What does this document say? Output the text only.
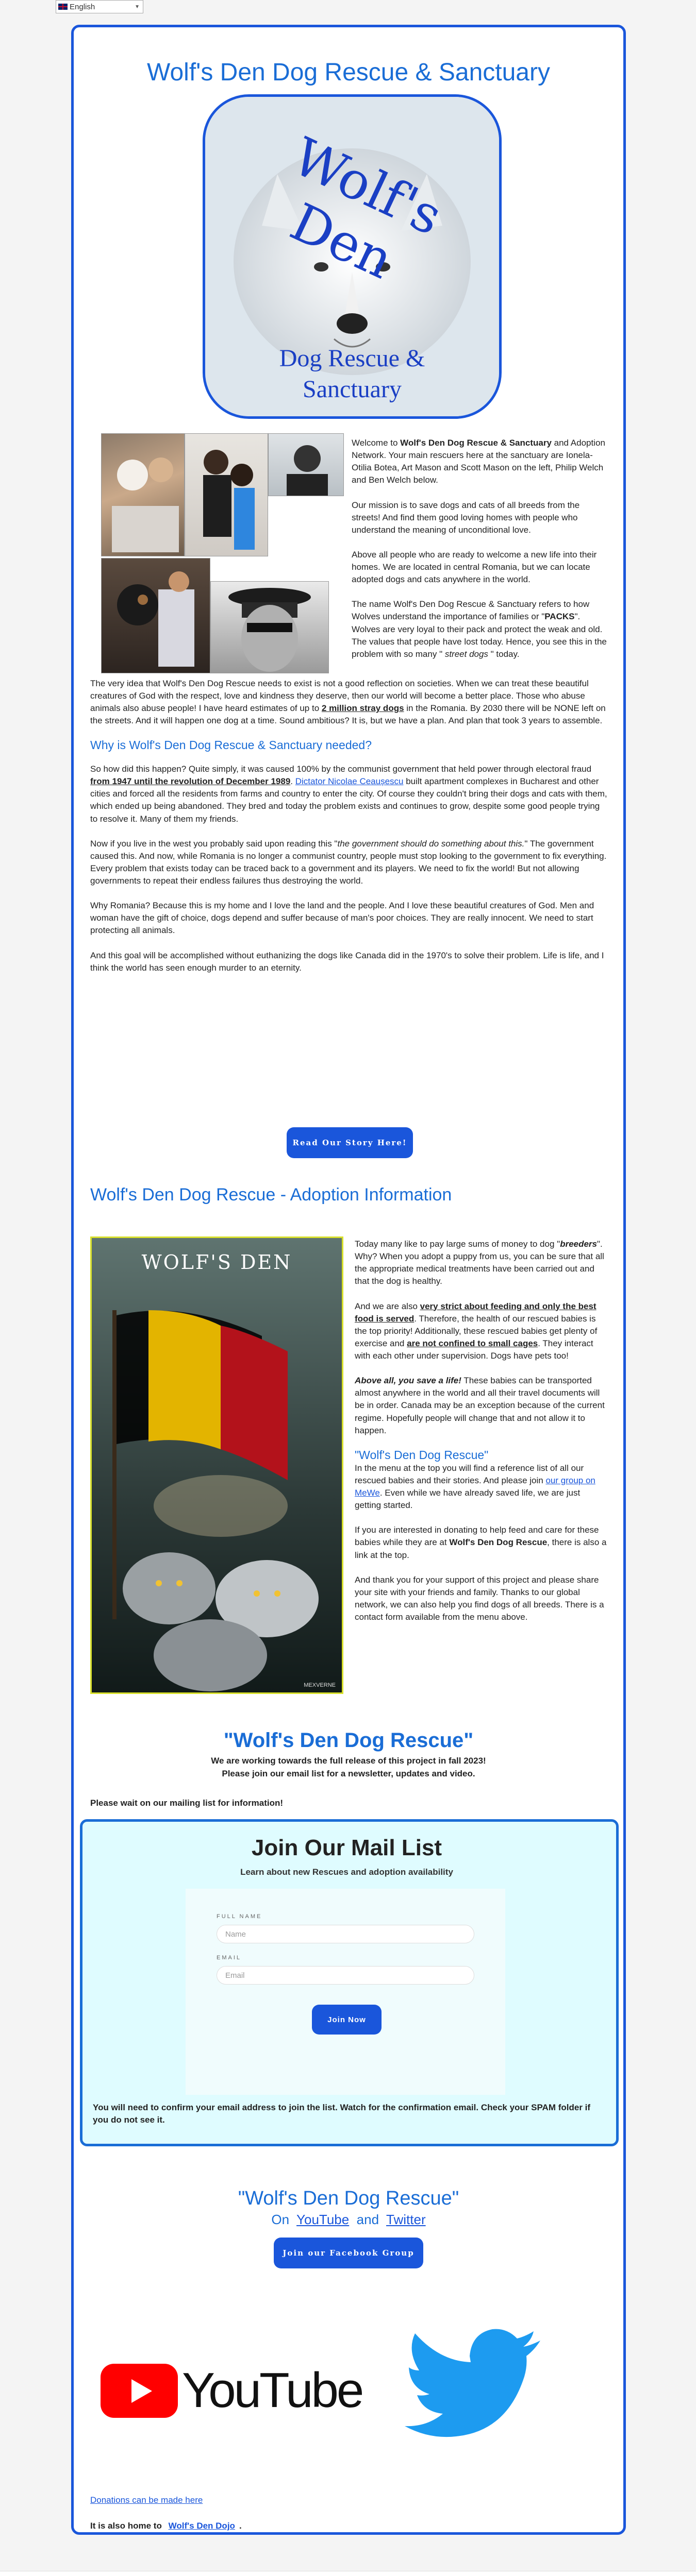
English	▼
Wolf's Den Dog Rescue & Sanctuary
Wolf's Den
Dog Rescue &
Sanctuary

Welcome to Wolf's Den Dog Rescue & Sanctuary and Adoption Network. Your main rescuers here at the sanctuary are Ionela-Otilia Botea, Art Mason and Scott Mason on the left, Philip Welch and Ben Welch below.

Our mission is to save dogs and cats of all breeds from the streets! And find them good loving homes with people who understand the meaning of unconditional love.

Above all people who are ready to welcome a new life into their homes. We are located in central Romania, but we can locate adopted dogs and cats anywhere in the world.

The name Wolf's Den Dog Rescue & Sanctuary refers to how Wolves understand the importance of families or "PACKS". Wolves are very loyal to their pack and protect the weak and old. The values that people have lost today. Hence, you see this in the problem with so many " street dogs " today.

The very idea that Wolf's Den Dog Rescue needs to exist is not a good reflection on societies. When we can treat these beautiful creatures of God with the respect, love and kindness they deserve, then our world will become a better place. Those who abuse animals also abuse people! I have heard estimates of up to 2 million stray dogs in the Romania. By 2030 there will be NONE left on the streets. And it will happen one dog at a time. Sound ambitious? It is, but we have a plan. And plan that took 3 years to assemble.

Why is Wolf's Den Dog Rescue & Sanctuary needed?

So how did this happen? Quite simply, it was caused 100% by the communist government that held power through electoral fraud from 1947 until the revolution of December 1989. Dictator Nicolae Ceaușescu built apartment complexes in Bucharest and other cities and forced all the residents from farms and country to enter the city. Of course they couldn't bring their dogs and cats with them, which ended up being abandoned. They bred and today the problem exists and continues to grow, despite some good people trying to resolve it. Many of them my friends.

Now if you live in the west you probably said upon reading this "the government should do something about this." The government caused this. And now, while Romania is no longer a communist country, people must stop looking to the government to fix everything. Every problem that exists today can be traced back to a government and its players. We need to fix the world! But not allowing governments to repeat their endless failures thus destroying the world.

Why Romania? Because this is my home and I love the land and the people. And I love these beautiful creatures of God. Men and woman have the gift of choice, dogs depend and suffer because of man's poor choices. They are really innocent. We need to start protecting all animals.

And this goal will be accomplished without euthanizing the dogs like Canada did in the 1970's to solve their problem. Life is life, and I think the world has seen enough murder to an eternity.

Read Our Story Here!
Wolf's Den Dog Rescue - Adoption Information
WOLF'S DEN
MEXVERNE

Today many like to pay large sums of money to dog "breeders". Why? When you adopt a puppy from us, you can be sure that all the appropriate medical treatments have been carried out and that the dog is healthy.

And we are also very strict about feeding and only the best food is served. Therefore, the health of our rescued babies is the top priority! Additionally, these rescued babies get plenty of exercise and are not confined to small cages. They interact with each other under supervision. Dogs have pets too!

Above all, you save a life! These babies can be transported almost anywhere in the world and all their travel documents will be in order. Canada may be an exception because of the current regime. Hopefully people will change that and not allow it to happen.

"Wolf's Den Dog Rescue"

In the menu at the top you will find a reference list of all our rescued babies and their stories. And please join our group on MeWe. Even while we have already saved life, we are just getting started.

If you are interested in donating to help feed and care for these babies while they are at Wolf's Den Dog Rescue, there is also a link at the top.

And thank you for your support of this project and please share your site with your friends and family. Thanks to our global network, we can also help you find dogs of all breeds. There is a contact form available from the menu above.

"Wolf's Den Dog Rescue"
We are working towards the full release of this project in fall 2023!
Please join our email list for a newsletter, updates and video.
Please wait on our mailing list for information!
Join Our Mail List
Learn about new Rescues and adoption availability
FULL NAME
Name
EMAIL
Email
Join Now

You will need to confirm your email address to join the list. Watch for the confirmation email. Check your SPAM folder if you do not see it.

"Wolf's Den Dog Rescue"
On YouTube and Twitter
Join our Facebook Group
YouTube
Donations can be made here
It is also home to Wolf's Den Dojo .
